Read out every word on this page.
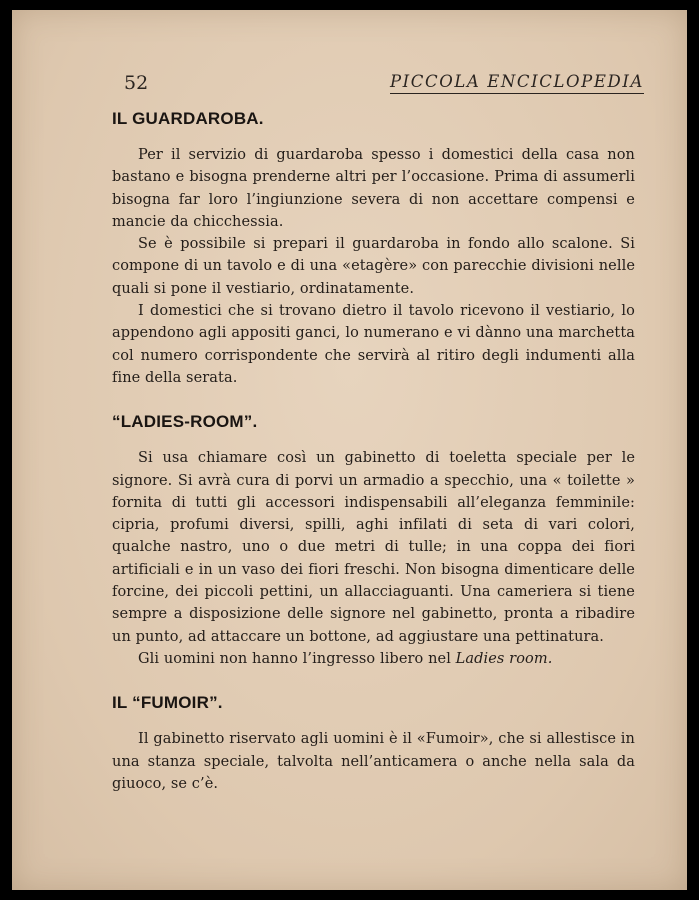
52	PICCOLA ENCICLOPEDIA
IL GUARDAROBA.

Per il servizio di guardaroba spesso i domestici della casa non bastano e bisogna prenderne altri per l’occasione. Prima di assumerli bisogna far loro l’ingiunzione severa di non accettare compensi e mancie da chicchessia.

Se è possibile si prepari il guardaroba in fondo allo scalone. Si compone di un tavolo e di una «etagère» con parecchie divisioni nelle quali si pone il vestiario, ordinatamente.

I domestici che si trovano dietro il tavolo ricevono il vestiario, lo appendono agli appositi ganci, lo numerano e vi dànno una marchetta col numero corrispondente che servirà al ritiro degli indumenti alla fine della serata.

“LADIES-ROOM”.

Si usa chiamare così un gabinetto di toeletta speciale per le signore. Si avrà cura di porvi un armadio a specchio, una « toilette » fornita di tutti gli accessori indispensabili all’eleganza femminile: cipria, profumi diversi, spilli, aghi infilati di seta di vari colori, qualche nastro, uno o due metri di tulle; in una coppa dei fiori artificiali e in un vaso dei fiori freschi. Non bisogna dimenticare delle forcine, dei piccoli pettini, un allacciaguanti. Una cameriera si tiene sempre a disposizione delle signore nel gabinetto, pronta a ribadire un punto, ad attaccare un bottone, ad aggiustare una pettinatura.

Gli uomini non hanno l’ingresso libero nel Ladies room.

IL “FUMOIR”.

Il gabinetto riservato agli uomini è il «Fumoir», che si allestisce in una stanza speciale, talvolta nell’anticamera o anche nella sala da giuoco, se c’è.
